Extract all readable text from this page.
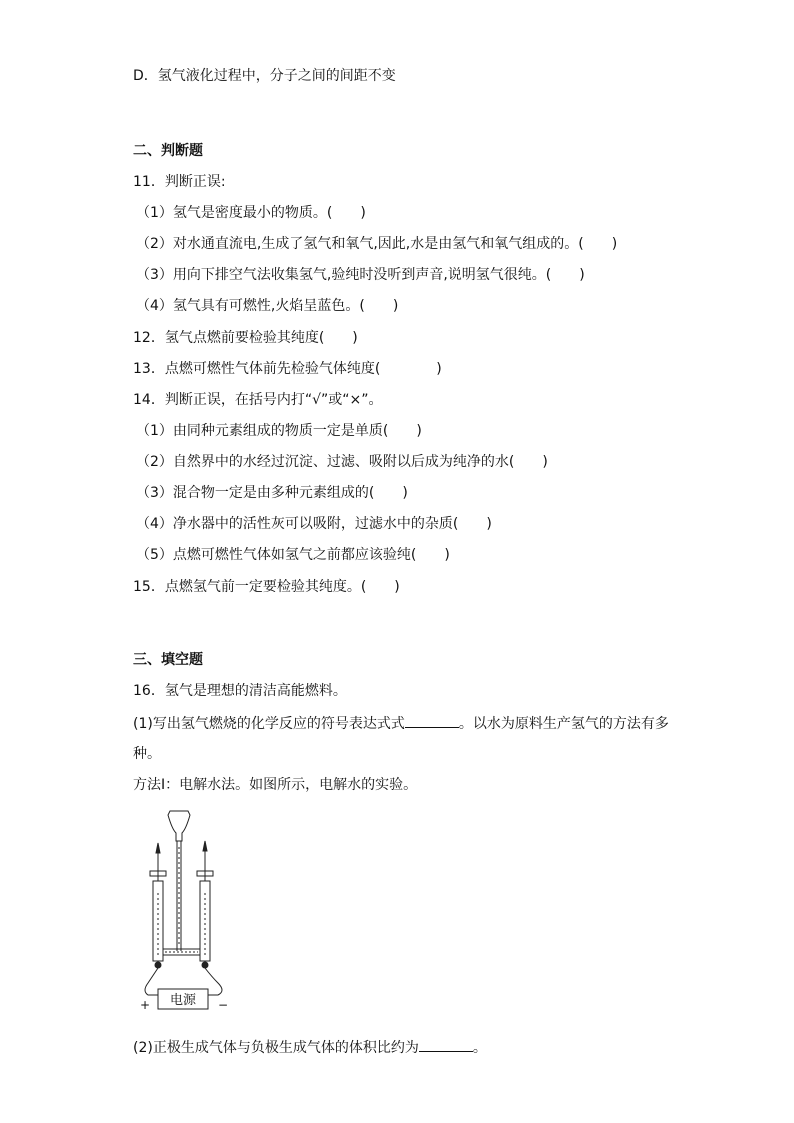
D．氢气液化过程中，分子之间的间距不变
二、判断题
11．判断正误:
（1）氢气是密度最小的物质。(　　)
（2）对水通直流电,生成了氢气和氧气,因此,水是由氢气和氧气组成的。(　　)
（3）用向下排空气法收集氢气,验纯时没听到声音,说明氢气很纯。(　　)
（4）氢气具有可燃性,火焰呈蓝色。(　　)
12．氢气点燃前要检验其纯度(　　)
13．点燃可燃性气体前先检验气体纯度(　　　　)
14．判断正误，在括号内打“√”或“×”。
（1）由同种元素组成的物质一定是单质(　　)
（2）自然界中的水经过沉淀、过滤、吸附以后成为纯净的水(　　)
（3）混合物一定是由多种元素组成的(　　)
（4）净水器中的活性灰可以吸附，过滤水中的杂质(　　)
（5）点燃可燃性气体如氢气之前都应该验纯(　　)
15．点燃氢气前一定要检验其纯度。(　　)
三、填空题
16．氢气是理想的清洁高能燃料。
(1)写出氢气燃烧的化学反应的符号表达式式	。以水为原料生产氢气的方法有多
种。
方法Ⅰ：电解水法。如图所示，电解水的实验。
电源
+	−
(2)正极生成气体与负极生成气体的体积比约为	。
